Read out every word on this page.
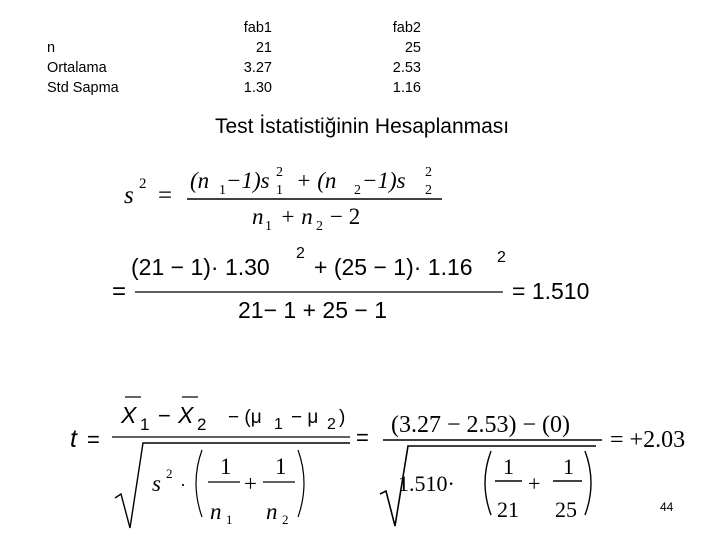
n
Ortalama
Std Sapma
fab1
21
3.27
1.30
fab2
25
2.53
1.16
Test İstatistiğinin Hesaplanması
s 2 =
(n 1 −1)s 1
2 + (n 2 −1)s 2
2
n 1 + n 2 − 2
=
(21 − 1)· 1.30
2
+ (25 − 1)· 1.16 2
21− 1 + 25 − 1
= 1.510
t =
X 1 − X 2 − (μ 1 − μ 2 )
s 2
·
1
n 1
+
1
n 2
= (3.27 − 2.53) − (0)
1.510·
1
21
+
1
25
= +2.03
44
